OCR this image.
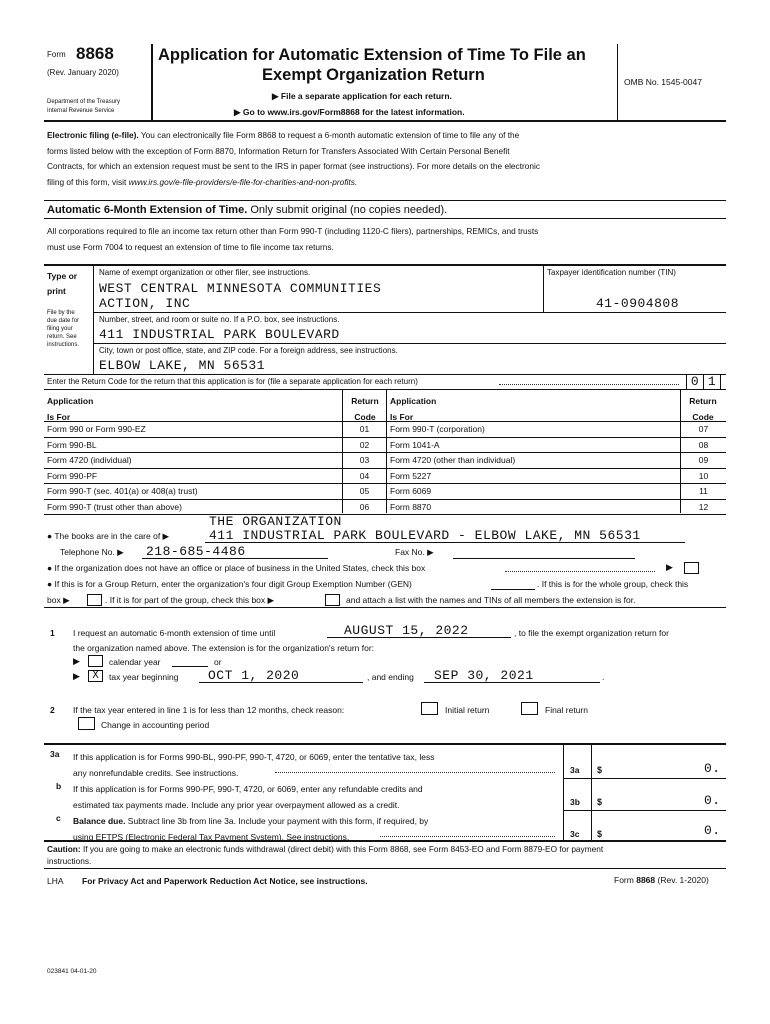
Form 8868
(Rev. January 2020)
Department of the Treasury
Internal Revenue Service
Application for Automatic Extension of Time To File an
Exempt Organization Return
▶ File a separate application for each return.
▶ Go to www.irs.gov/Form8868 for the latest information.
OMB No. 1545-0047
Electronic filing (e-file). You can electronically file Form 8868 to request a 6-month automatic extension of time to file any of the
forms listed below with the exception of Form 8870, Information Return for Transfers Associated With Certain Personal Benefit
Contracts, for which an extension request must be sent to the IRS in paper format (see instructions). For more details on the electronic
filing of this form, visit www.irs.gov/e-file-providers/e-file-for-charities-and-non-profits.
Automatic 6-Month Extension of Time. Only submit original (no copies needed).
All corporations required to file an income tax return other than Form 990-T (including 1120-C filers), partnerships, REMICs, and trusts
must use Form 7004 to request an extension of time to file income tax returns.
Type or
print
File by the
due date for
filing your
return. See
instructions.
Name of exempt organization or other filer, see instructions.	Taxpayer identification number (TIN)
WEST CENTRAL MINNESOTA COMMUNITIES
ACTION, INC	41-0904808
Number, street, and room or suite no. If a P.O. box, see instructions.
411 INDUSTRIAL PARK BOULEVARD
City, town or post office, state, and ZIP code. For a foreign address, see instructions.
ELBOW LAKE, MN 56531
Enter the Return Code for the return that this application is for (file a separate application for each return)	0 1
Application
Is For
Return
Code
Application
Is For
Return
Code
Form 990 or Form 990-EZ	01	Form 990-T (corporation)	07
Form 990-BL	02	Form 1041-A	08
Form 4720 (individual)	03	Form 4720 (other than individual)	09
Form 990-PF	04	Form 5227	10
Form 990-T (sec. 401(a) or 408(a) trust)	05	Form 6069	11
Form 990-T (trust other than above)	06	Form 8870	12
THE ORGANIZATION
● The books are in the care of ▶	411 INDUSTRIAL PARK BOULEVARD - ELBOW LAKE, MN 56531
Telephone No. ▶ 218-685-4486	Fax No. ▶
● If the organization does not have an office or place of business in the United States, check this box	▶
● If this is for a Group Return, enter the organization's four digit Group Exemption Number (GEN)	. If this is for the whole group, check this
box ▶	. If it is for part of the group, check this box ▶	and attach a list with the names and TINs of all members the extension is for.
1 I request an automatic 6-month extension of time until	AUGUST 15, 2022	, to file the exempt organization return for
the organization named above. The extension is for the organization's return for:
▶	calendar year	or
▶	X	tax year beginning OCT 1, 2020	, and ending SEP 30, 2021	.
2 If the tax year entered in line 1 is for less than 12 months, check reason:	Initial return	Final return
Change in accounting period
3a If this application is for Forms 990-BL, 990-PF, 990-T, 4720, or 6069, enter the tentative tax, less
any nonrefundable credits. See instructions.	3a $	0.
b If this application is for Forms 990-PF, 990-T, 4720, or 6069, enter any refundable credits and
estimated tax payments made. Include any prior year overpayment allowed as a credit.	3b $	0.
c Balance due. Subtract line 3b from line 3a. Include your payment with this form, if required, by
using EFTPS (Electronic Federal Tax Payment System). See instructions.	3c $	0.
Caution: If you are going to make an electronic funds withdrawal (direct debit) with this Form 8868, see Form 8453-EO and Form 8879-EO for payment
instructions.
LHA For Privacy Act and Paperwork Reduction Act Notice, see instructions.	Form 8868 (Rev. 1-2020)
023841 04-01-20
